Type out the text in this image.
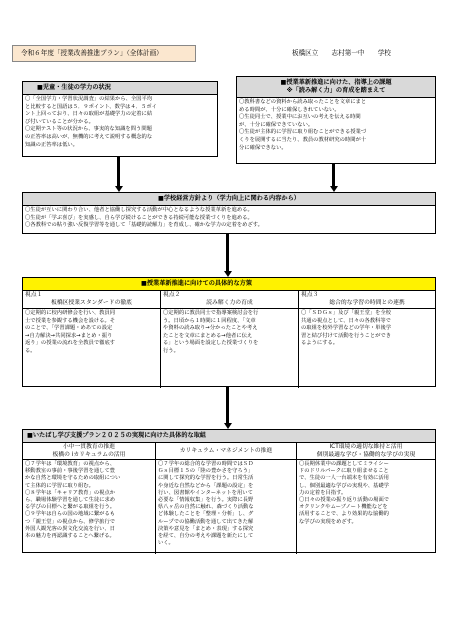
令和６年度「授業改善推進プラン」（全体計画）	板橋区立　　志村第一中　　学校
■児童・生徒の学力の状況
〇「全国学力・学習状況調査」の結果から、全国平均
と比較すると国語は５．９ポイント、数学は４．５ポイ
ント上回っており、日々の取組が基礎学力の定着に結
び付いていることが分かる。
〇定期テスト等の状況から、事実的な知識を問う問題
の正答率は高いが、無機的に考えて説明する概念的な
知識の正答率は低い。
■授業革新推進に向けた、指導上の課題
※「読み解く力」の育成を踏まえて
〇教科書などの資料から読み取ったことを文章にまと
める時間が、十分に確保しきれていない。
〇生徒同士で、授業中にお互いの考えを伝える時間
が、十分に確保できていない。
〇生徒が主体的に学習に取り組むことができる授業づ
くりを展開するに当たり、教員の教材研究の時間が十
分に確保できない。
■学校経営方針より（学力向上に関わる内容から）
〇生徒が互いに関わり合い、他者と協働し探究する活動が中心となるような授業革新を進める。
〇生徒が「学ぶ喜び」を実感し、自ら学び続けることができる持続可能な授業づくりを進める。
〇各教科での粘り強い反復学習等を通して「基礎的読解力」を育成し、確かな学力の定着をめざす。
■授業革新推進に向けての具体的な方策
視点１
板橋区授業スタンダードの徹底
〇定期的に校内研修会を行い、教員同
士で授業を参観する機会を設ける。そ
のことで、「学習課題・めあての設定
→自力解決→共同探求→まとめ・振り
返り」の授業の流れを全教員で徹底す
る。
視点２
読み解く力の育成
〇定期的に教員同士で指導案検討会を行
う。日頃から１時間に１回程度、「文章
や資料の読み取り→分かったことや考え
たことを文章にまとめる→他者に伝え
る」という場面を設定した授業づくりを
行う。
視点３
総合的な学習の時間との連携
〇「ＳＤＧｓ」及び「親王堂」を全校
共通の視点として、日々の各教科等で
の取組を校外学習などの学年・単後学
習と結び付けて活動を行うことができ
るようにする。
■いたばし学び支援プラン２０２５の実現に向けた具体的な取組
小中一貫教育の推進
板橋の iカリキュラムの活用
〇７学年は「環境教育」の視点から、
移動教室の事前・事後学習を通して豊
かな自然と環境を守るための取組につい
て主体的に学習に取り組む。
〇８学年は「キャリア教育」の視点か
ら、職場体験学習を通して生徒に求め
る学びの目標へと繋がる取組を行う。
〇９学年は自らの国の地域に繋がるも
つ「親王堂」の視点から、修学旅行で
外国人観光客の異文化交流を行い、日
本の魅力を再認識することへ繋げる。
カリキュラム・マネジメントの推進
〇７学年の総合的な学習の時間ではＳＤ
Ｇｓ目標１５の「陸の豊かさを守ろう」
に関して探究的な学習を行う。日常生活
や身近な自然などから「課題の設定」を
行い、図書館やインターネットを用いて
必要な「情報収集」を行う。実際に長野
県八ヶ岳の自然に触れ、森づくり活動な
ど体験したことを「整理・分析」し、グ
ループでの協働活動を通して出てきた解
決策や意見を「まとめ・表現」する探究
を経て、自分の考えや課題を新たにして
いく。
ICT環境の適切な維持と活用
個別最適な学び・協働的な学びの実現
〇長期休業中の課題としてミライシー
ドのドリルパークに取り組ませること
で、生徒の一人一台端末を有効に活用
し、個別最適な学びの実現や、基礎学
力の定着を目指す。
〇日々の授業の振り返り活動の場面で
オクリンクやムーブノート機能などを
活用することで、より効果的な協働的
な学びの実現をめざす。
